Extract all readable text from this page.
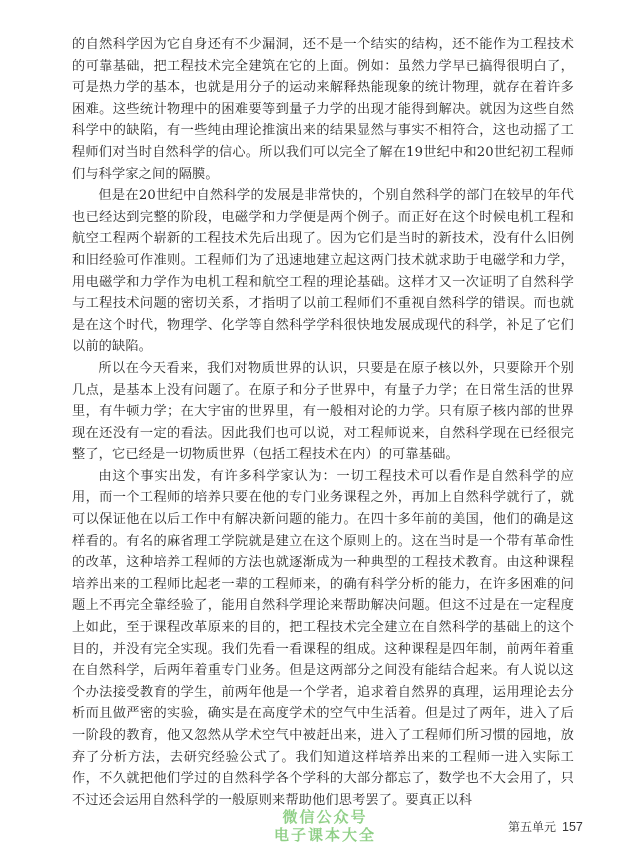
的自然科学因为它自身还有不少漏洞，还不是一个结实的结构，还不能作为工程技术的可靠基础，把工程技术完全建筑在它的上面。例如：虽然力学早已搞得很明白了，可是热力学的基本，也就是用分子的运动来解释热能现象的统计物理，就存在着许多困难。这些统计物理中的困难要等到量子力学的出现才能得到解决。就因为这些自然科学中的缺陷，有一些纯由理论推演出来的结果显然与事实不相符合，这也动摇了工程师们对当时自然科学的信心。所以我们可以完全了解在19世纪中和20世纪初工程师们与科学家之间的隔膜。

但是在20世纪中自然科学的发展是非常快的，个别自然科学的部门在较早的年代也已经达到完整的阶段，电磁学和力学便是两个例子。而正好在这个时候电机工程和航空工程两个崭新的工程技术先后出现了。因为它们是当时的新技术，没有什么旧例和旧经验可作准则。工程师们为了迅速地建立起这两门技术就求助于电磁学和力学，用电磁学和力学作为电机工程和航空工程的理论基础。这样才又一次证明了自然科学与工程技术问题的密切关系，才指明了以前工程师们不重视自然科学的错误。而也就是在这个时代，物理学、化学等自然科学学科很快地发展成现代的科学，补足了它们以前的缺陷。

所以在今天看来，我们对物质世界的认识，只要是在原子核以外，只要除开个别几点，是基本上没有问题了。在原子和分子世界中，有量子力学；在日常生活的世界里，有牛顿力学；在大宇宙的世界里，有一般相对论的力学。只有原子核内部的世界现在还没有一定的看法。因此我们也可以说，对工程师说来，自然科学现在已经很完整了，它已经是一切物质世界（包括工程技术在内）的可靠基础。

由这个事实出发，有许多科学家认为：一切工程技术可以看作是自然科学的应用，而一个工程师的培养只要在他的专门业务课程之外，再加上自然科学就行了，就可以保证他在以后工作中有解决新问题的能力。在四十多年前的美国，他们的确是这样看的。有名的麻省理工学院就是建立在这个原则上的。这在当时是一个带有革命性的改革，这种培养工程师的方法也就逐渐成为一种典型的工程技术教育。由这种课程培养出来的工程师比起老一辈的工程师来，的确有科学分析的能力，在许多困难的问题上不再完全靠经验了，能用自然科学理论来帮助解决问题。但这不过是在一定程度上如此，至于课程改革原来的目的，把工程技术完全建立在自然科学的基础上的这个目的，并没有完全实现。我们先看一看课程的组成。这种课程是四年制，前两年着重在自然科学，后两年着重专门业务。但是这两部分之间没有能结合起来。有人说以这个办法接受教育的学生，前两年他是一个学者，追求着自然界的真理，运用理论去分析而且做严密的实验，确实是在高度学术的空气中生活着。但是过了两年，进入了后一阶段的教育，他又忽然从学术空气中被赶出来，进入了工程师们所习惯的园地，放弃了分析方法，去研究经验公式了。我们知道这样培养出来的工程师一进入实际工作，不久就把他们学过的自然科学各个学科的大部分都忘了，数学也不大会用了，只不过还会运用自然科学的一般原则来帮助他们思考罢了。要真正以科

微信公众号
电子课本大全	第五单元 157
